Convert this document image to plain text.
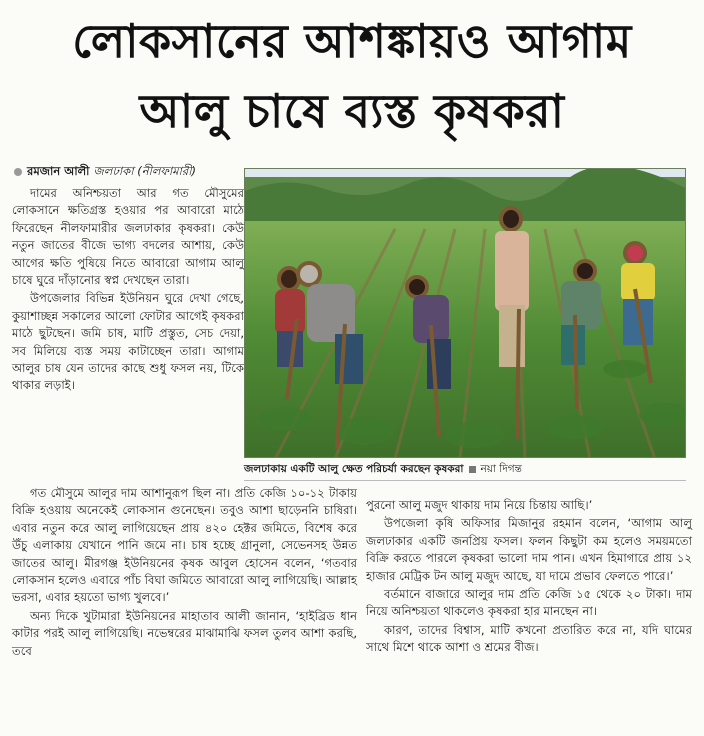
লোকসানের আশঙ্কায়ও আগাম
আলু চাষে ব্যস্ত কৃষকরা
রমজান আলী জলঢাকা (নীলফামারী)

দামের অনিশ্চয়তা আর গত মৌসুমের লোকসানে ক্ষতিগ্রস্ত হওয়ার পর আবারো মাঠে ফিরেছেন নীলফামারীর জলঢাকার কৃষকরা। কেউ নতুন জাতের বীজে ভাগ্য বদলের আশায়, কেউ আগের ক্ষতি পুষিয়ে নিতে আবারো আগাম আলু চাষে ঘুরে দাঁড়ানোর স্বপ্ন দেখছেন তারা।

উপজেলার বিভিন্ন ইউনিয়ন ঘুরে দেখা গেছে, কুয়াশাচ্ছন্ন সকালের আলো ফোটার আগেই কৃষকরা মাঠে ছুটছেন। জমি চাষ, মাটি প্রস্তুত, সেচ দেয়া, সব মিলিয়ে ব্যস্ত সময় কাটাচ্ছেন তারা। আগাম আলুর চাষ যেন তাদের কাছে শুধু ফসল নয়, টিকে থাকার লড়াই।

জলঢাকায় একটি আলু ক্ষেত পরিচর্যা করছেন কৃষকরা নয়া দিগন্ত

গত মৌসুমে আলুর দাম আশানুরূপ ছিল না। প্রতি কেজি ১০-১২ টাকায় বিক্রি হওয়ায় অনেকেই লোকসান গুনেছেন। তবুও আশা ছাড়েননি চাষিরা। এবার নতুন করে আলু লাগিয়েছেন প্রায় ৪২০ হেক্টর জমিতে, বিশেষ করে উঁচু এলাকায় যেখানে পানি জমে না। চাষ হচ্ছে গ্রানুলা, সেভেনসহ উন্নত জাতের আলু। মীরগঞ্জ ইউনিয়নের কৃষক আবুল হোসেন বলেন, ‘গতবার লোকসান হলেও এবারে পাঁচ বিঘা জমিতে আবারো আলু লাগিয়েছি। আল্লাহ ভরসা, এবার হয়তো ভাগ্য খুলবে।’

অন্য দিকে খুটামারা ইউনিয়নের মাহাতাব আলী জানান, ‘হাইব্রিড ধান কাটার পরই আলু লাগিয়েছি। নভেম্বরের মাঝামাঝি ফসল তুলব আশা করছি, তবে

পুরনো আলু মজুদ থাকায় দাম নিয়ে চিন্তায় আছি।’

উপজেলা কৃষি অফিসার মিজানুর রহমান বলেন, ‘আগাম আলু জলঢাকার একটি জনপ্রিয় ফসল। ফলন কিছুটা কম হলেও সময়মতো বিক্রি করতে পারলে কৃষকরা ভালো দাম পান। এখন হিমাগারে প্রায় ১২ হাজার মেট্রিক টন আলু মজুদ আছে, যা দামে প্রভাব ফেলতে পারে।’

বর্তমানে বাজারে আলুর দাম প্রতি কেজি ১৫ থেকে ২০ টাকা। দাম নিয়ে অনিশ্চয়তা থাকলেও কৃষকরা হার মানছেন না।

কারণ, তাদের বিশ্বাস, মাটি কখনো প্রতারিত করে না, যদি ঘামের সাথে মিশে থাকে আশা ও শ্রমের বীজ।
